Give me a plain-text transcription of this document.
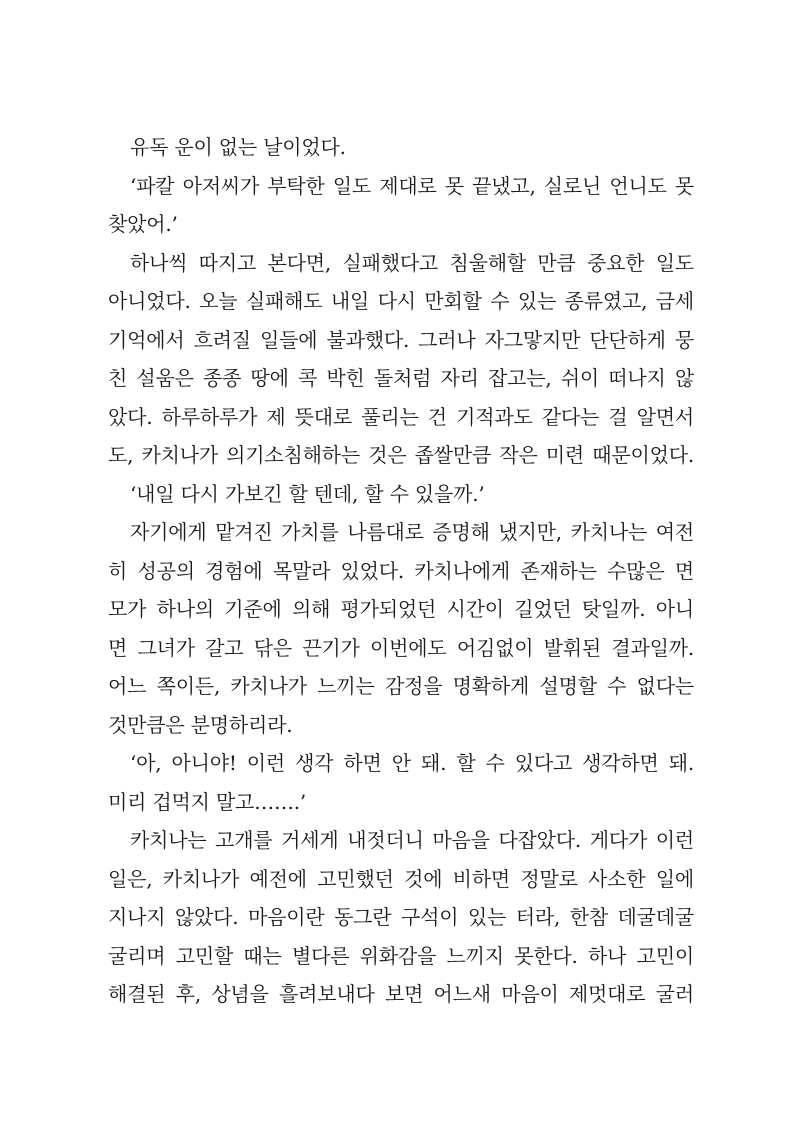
유독 운이 없는 날이었다.
‘파칼 아저씨가 부탁한 일도 제대로 못 끝냈고, 실로닌 언니도 못
찾았어.’
하나씩 따지고 본다면, 실패했다고 침울해할 만큼 중요한 일도
아니었다. 오늘 실패해도 내일 다시 만회할 수 있는 종류였고, 금세
기억에서 흐려질 일들에 불과했다. 그러나 자그맣지만 단단하게 뭉
친 설움은 종종 땅에 콕 박힌 돌처럼 자리 잡고는, 쉬이 떠나지 않
았다. 하루하루가 제 뜻대로 풀리는 건 기적과도 같다는 걸 알면서
도, 카치나가 의기소침해하는 것은 좁쌀만큼 작은 미련 때문이었다.
‘내일 다시 가보긴 할 텐데, 할 수 있을까.’
자기에게 맡겨진 가치를 나름대로 증명해 냈지만, 카치나는 여전
히 성공의 경험에 목말라 있었다. 카치나에게 존재하는 수많은 면
모가 하나의 기준에 의해 평가되었던 시간이 길었던 탓일까. 아니
면 그녀가 갈고 닦은 끈기가 이번에도 어김없이 발휘된 결과일까.
어느 쪽이든, 카치나가 느끼는 감정을 명확하게 설명할 수 없다는
것만큼은 분명하리라.
‘아, 아니야! 이런 생각 하면 안 돼. 할 수 있다고 생각하면 돼.
미리 겁먹지 말고…….’
카치나는 고개를 거세게 내젓더니 마음을 다잡았다. 게다가 이런
일은, 카치나가 예전에 고민했던 것에 비하면 정말로 사소한 일에
지나지 않았다. 마음이란 동그란 구석이 있는 터라, 한참 데굴데굴
굴리며 고민할 때는 별다른 위화감을 느끼지 못한다. 하나 고민이
해결된 후, 상념을 흘려보내다 보면 어느새 마음이 제멋대로 굴러
